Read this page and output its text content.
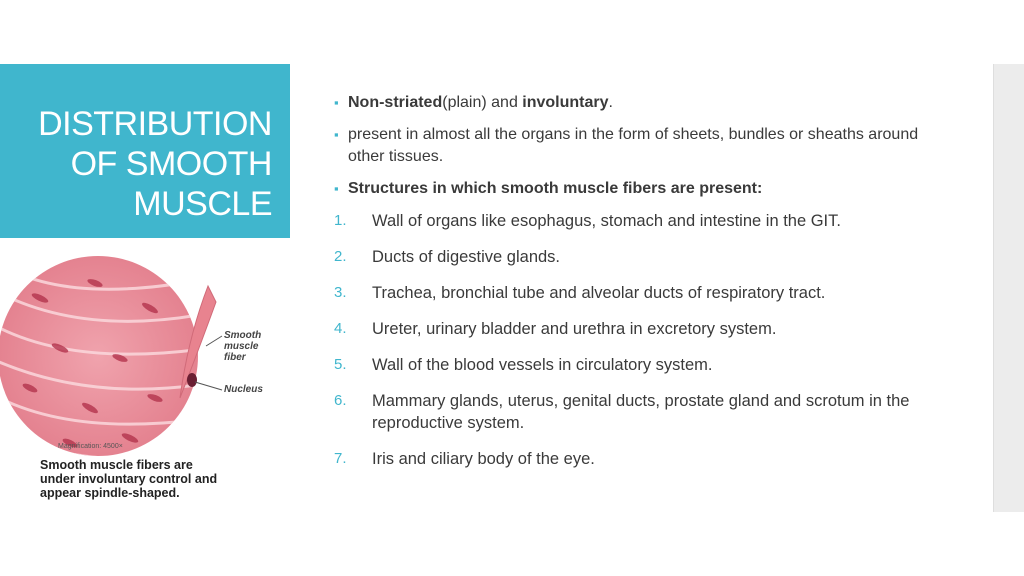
DISTRIBUTION
OF SMOOTH
MUSCLE
Smooth
muscle
fiber
Nucleus
Magnification: 4500×
Smooth muscle fibers are
under involuntary control and
appear spindle-shaped.
▪ Non-striated(plain) and involuntary.
▪ present in almost all the organs in the form of sheets, bundles or sheaths around other tissues.
▪ Structures in which smooth muscle fibers are present:
1. Wall of organs like esophagus, stomach and intestine in the GIT.
2. Ducts of digestive glands.
3. Trachea, bronchial tube and alveolar ducts of respiratory tract.
4. Ureter, urinary bladder and urethra in excretory system.
5. Wall of the blood vessels in circulatory system.
6. Mammary glands, uterus, genital ducts, prostate gland and scrotum in the reproductive system.
7. Iris and ciliary body of the eye.
